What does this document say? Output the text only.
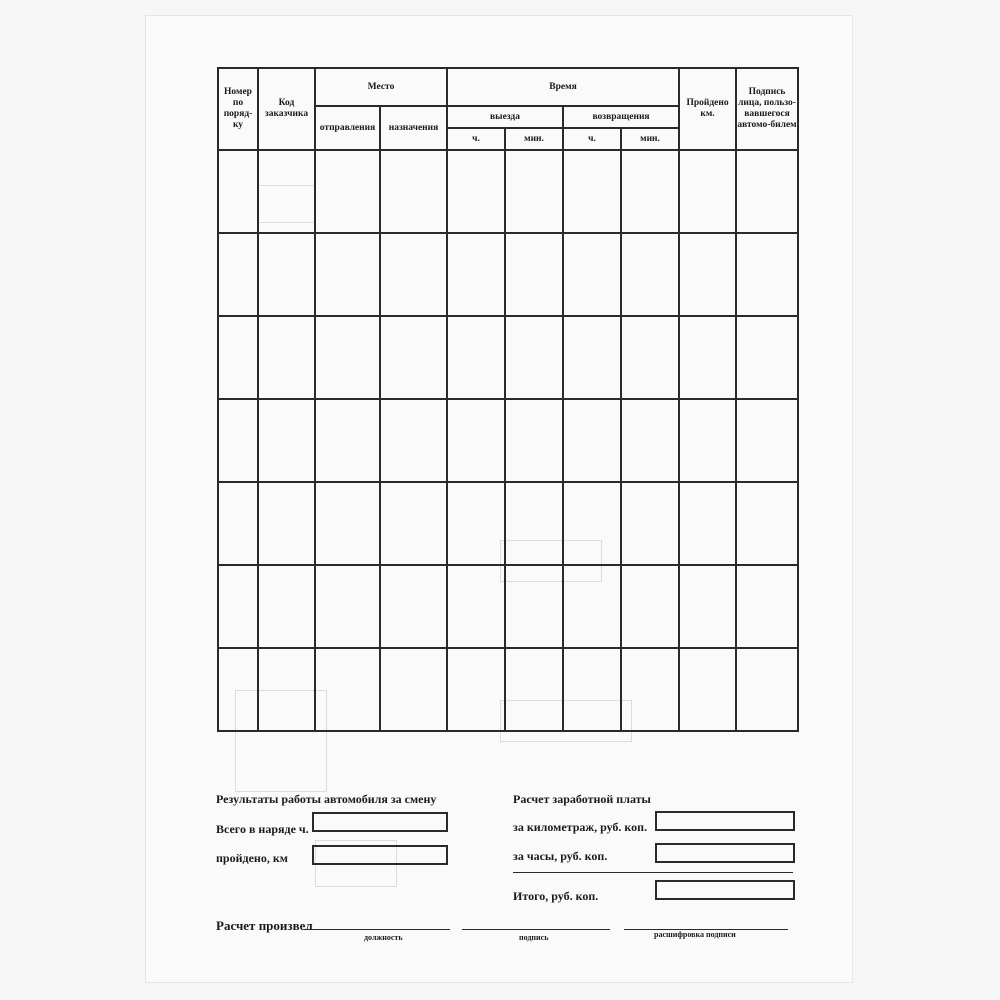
Номер по поряд-ку	Код заказчика	Место		Время				Пройдено км.	Подпись лица, пользо-вавшегося автомо-билем
		отправления	назначения	выезда		возвращения			
				ч.	мин.	ч.	мин.		

Результаты работы автомобиля за смену
Всего в наряде ч.
пройдено, км
Расчет заработной платы
за километраж, руб. коп.
за часы, руб. коп.
Итого, руб. коп.
Расчет произвел
должность	подпись	расшифровка подписи
